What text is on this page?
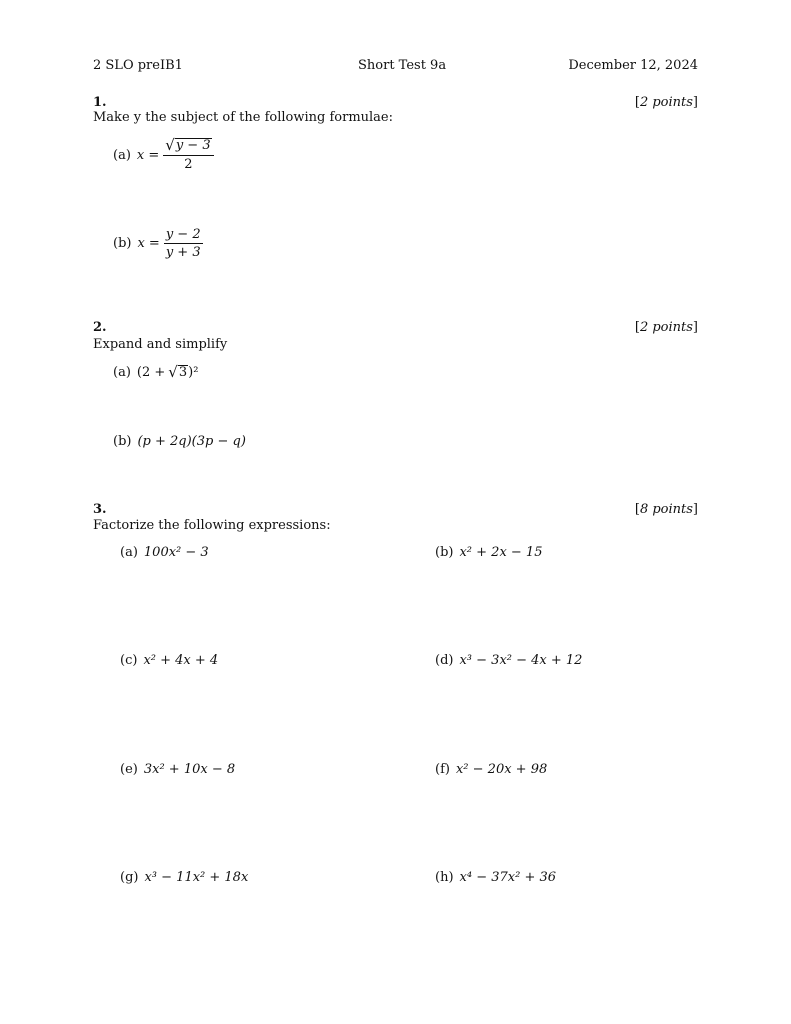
2 SLO preIB1	Short Test 9a	December 12, 2024
1.	[2 points]
Make y the subject of the following formulae:
(a) $x = \frac{√ y - 3}{2}$
(b) $x = \frac{y - 2}{y + 3}$
2.	[2 points]
Expand and simplify
(a) (2 + √ 3 )²
(b) (p + 2q)(3p − q)
3.	[8 points]
Factorize the following expressions:
(a) 100x² − 3	(b) x² + 2x − 15
(c) x² + 4x + 4	(d) x³ − 3x² − 4x + 12
(e) 3x² + 10x − 8	(f) x² − 20x + 98
(g) x³ − 11x² + 18x	(h) x⁴ − 37x² + 36
